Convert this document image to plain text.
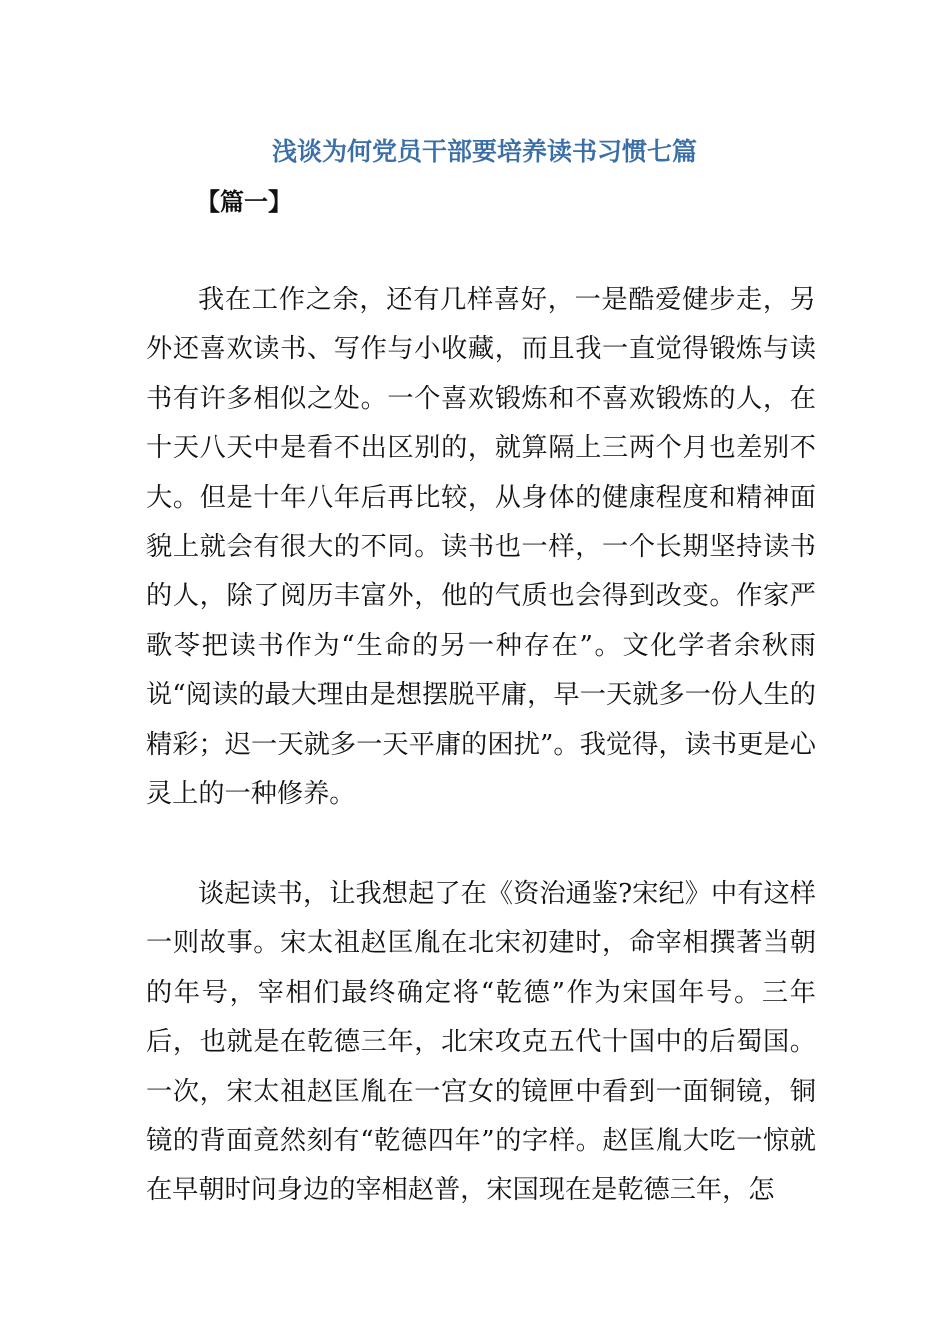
浅谈为何党员干部要培养读书习惯七篇
【篇一】

我在工作之余，还有几样喜好，一是酷爱健步走，另外还喜欢读书、写作与小收藏，而且我一直觉得锻炼与读书有许多相似之处。一个喜欢锻炼和不喜欢锻炼的人，在十天八天中是看不出区别的，就算隔上三两个月也差别不大。但是十年八年后再比较，从身体的健康程度和精神面貌上就会有很大的不同。读书也一样，一个长期坚持读书的人，除了阅历丰富外，他的气质也会得到改变。作家严歌苓把读书作为“生命的另一种存在”。文化学者余秋雨说“阅读的最大理由是想摆脱平庸，早一天就多一份人生的精彩；迟一天就多一天平庸的困扰”。我觉得，读书更是心灵上的一种修养。

谈起读书，让我想起了在《资治通鉴?宋纪》中有这样一则故事。宋太祖赵匡胤在北宋初建时，命宰相撰著当朝的年号，宰相们最终确定将“乾德”作为宋国年号。三年后，也就是在乾德三年，北宋攻克五代十国中的后蜀国。一次，宋太祖赵匡胤在一宫女的镜匣中看到一面铜镜，铜镜的背面竟然刻有“乾德四年”的字样。赵匡胤大吃一惊就在早朝时问身边的宰相赵普，宋国现在是乾德三年，怎
